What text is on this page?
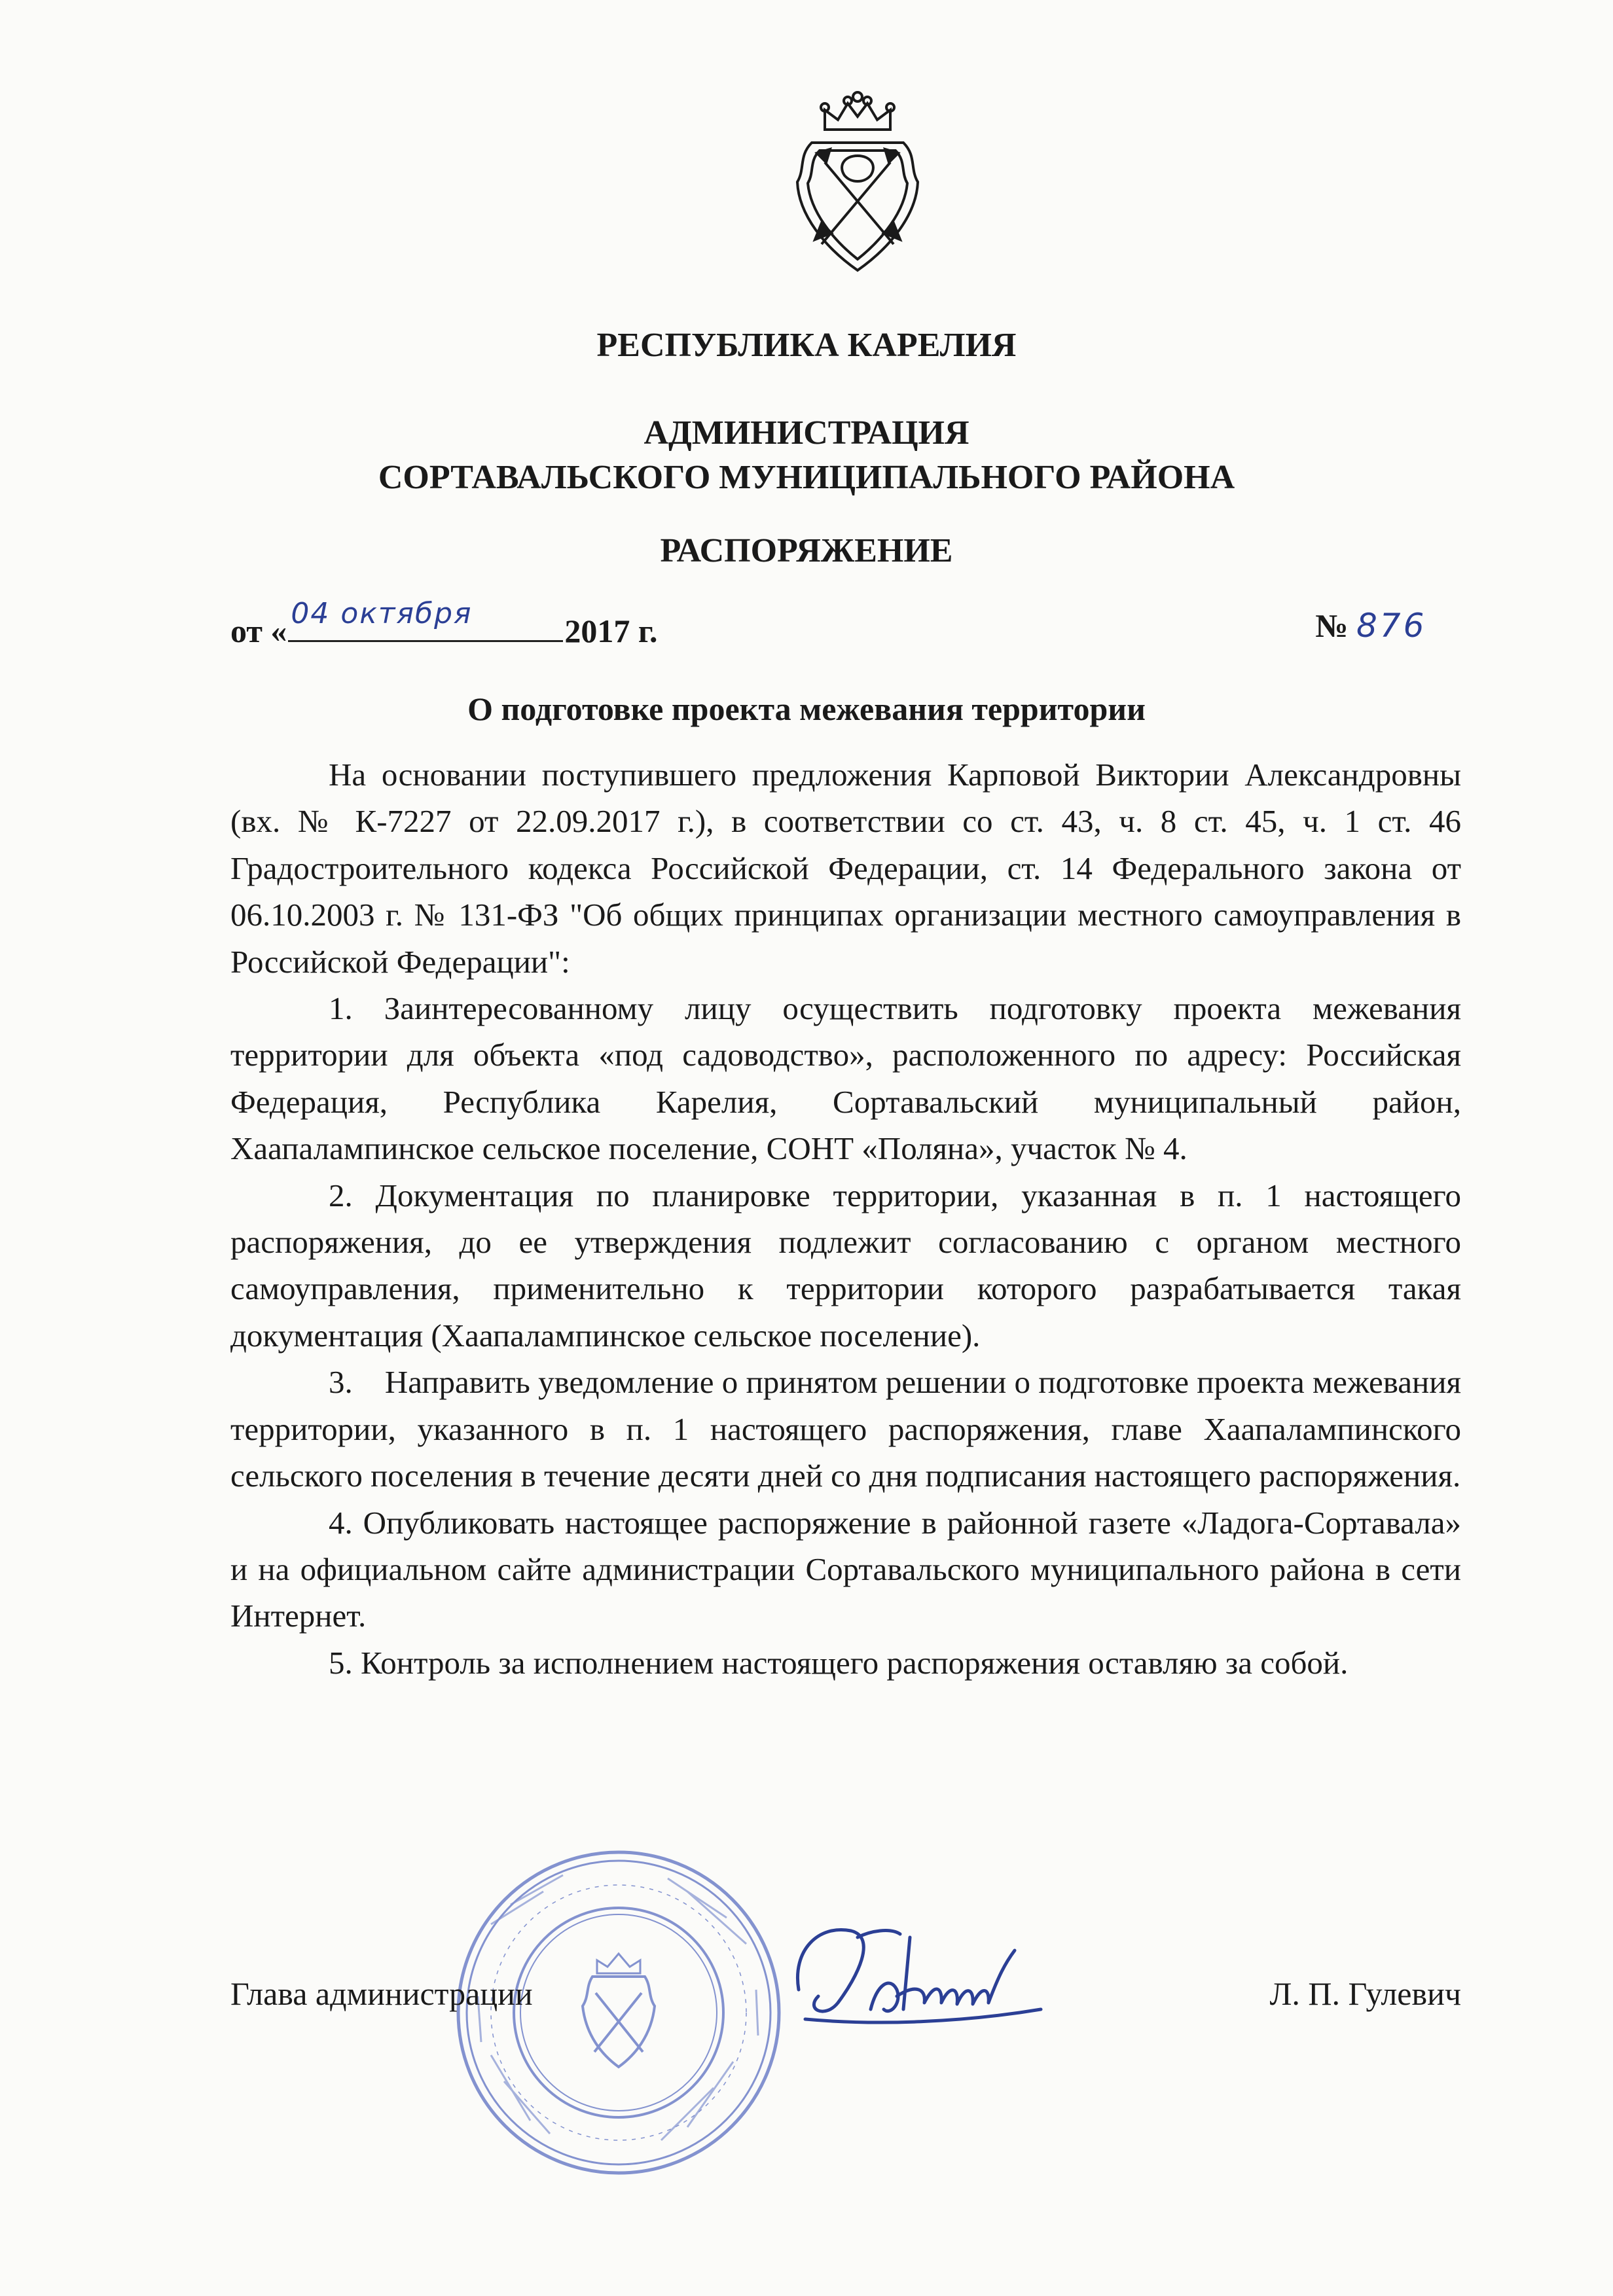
РЕСПУБЛИКА КАРЕЛИЯ
АДМИНИСТРАЦИЯ
СОРТАВАЛЬСКОГО МУНИЦИПАЛЬНОГО РАЙОНА
РАСПОРЯЖЕНИЕ
от « 04 октября	2017 г.	№ 876
О подготовке проекта межевания территории

На основании поступившего предложения Карповой Виктории Александровны (вх. № К-7227 от 22.09.2017 г.), в соответствии со ст. 43, ч. 8 ст. 45, ч. 1 ст. 46 Градостроительного кодекса Российской Федерации, ст. 14 Федерального закона от 06.10.2003 г. № 131-ФЗ "Об общих принципах организации местного самоуправления в Российской Федерации":

1. Заинтересованному лицу осуществить подготовку проекта межевания территории для объекта «под садоводство», расположенного по адресу: Российская Федерация, Республика Карелия, Сортавальский муниципальный район, Хаапалампинское сельское поселение, СОНТ «Поляна», участок № 4.

2. Документация по планировке территории, указанная в п. 1 настоящего распоряжения, до ее утверждения подлежит согласованию с органом местного самоуправления, применительно к территории которого разрабатывается такая документация (Хаапалампинское сельское поселение).

3.    Направить уведомление о принятом решении о подготовке проекта межевания территории, указанного в п. 1 настоящего распоряжения, главе Хаапалампинского сельского поселения в течение десяти дней со дня подписания настоящего распоряжения.

4. Опубликовать настоящее распоряжение в районной газете «Ладога-Сортавала» и на официальном сайте администрации Сортавальского муниципального района в сети Интернет.

5. Контроль за исполнением настоящего распоряжения оставляю за собой.

Глава администрации	Л. П. Гулевич
